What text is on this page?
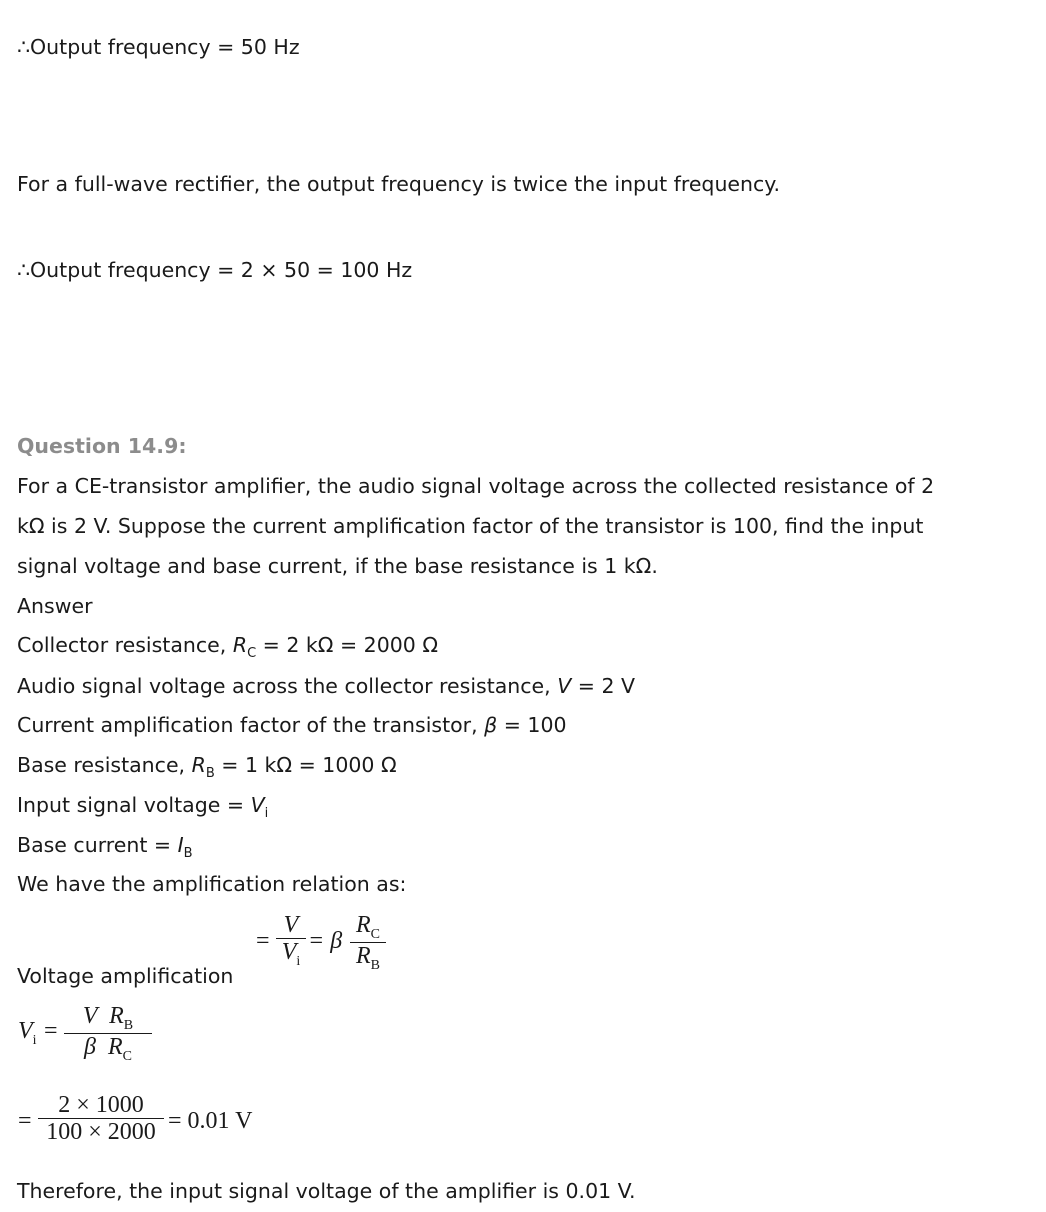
∴Output frequency = 50 Hz
For a full-wave rectifier, the output frequency is twice the input frequency.
∴Output frequency = 2 × 50 = 100 Hz
Question 14.9:
For a CE-transistor amplifier, the audio signal voltage across the collected resistance of 2
kΩ is 2 V. Suppose the current amplification factor of the transistor is 100, find the input
signal voltage and base current, if the base resistance is 1 kΩ.
Answer
Collector resistance, $R_C = 2$ kΩ = 2000 Ω
Audio signal voltage across the collector resistance, V = 2 V
Current amplification factor of the transistor, β = 100
Base resistance, $R_B = 1$ kΩ = 1000 Ω
Input signal voltage = $V_i$
Base current = $I_B$
We have the amplification relation as:
Voltage amplification
=
V
$V_i$
= β
$R_C$
$R_B$
$V_i$ =
V  $R_B$
β  $R_C$
=
2 × 1000
100 × 2000 = 0.01 V
Therefore, the input signal voltage of the amplifier is 0.01 V.
